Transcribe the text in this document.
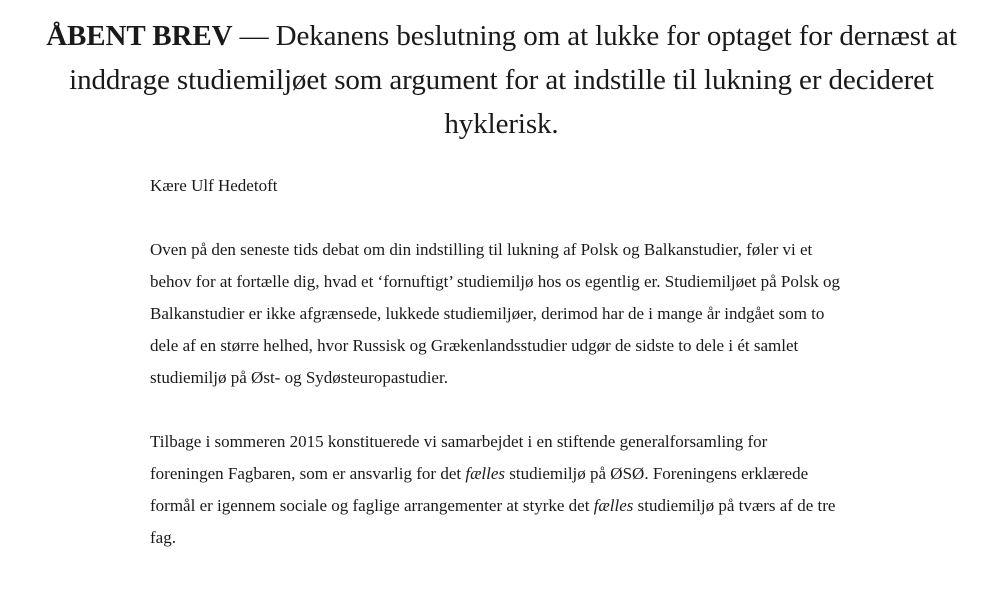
ÅBENT BREV — Dekanens beslutning om at lukke for optaget for dernæst at inddrage studiemiljøet som argument for at indstille til lukning er decideret hyklerisk.

Kære Ulf Hedetoft

Oven på den seneste tids debat om din indstilling til lukning af Polsk og Balkanstudier, føler vi et behov for at fortælle dig, hvad et ‘fornuftigt’ studiemiljø hos os egentlig er. Studiemiljøet på Polsk og Balkanstudier er ikke afgrænsede, lukkede studiemiljøer, derimod har de i mange år indgået som to dele af en større helhed, hvor Russisk og Grækenlandsstudier udgør de sidste to dele i ét samlet studiemiljø på Øst- og Sydøsteuropastudier.

Tilbage i sommeren 2015 konstituerede vi samarbejdet i en stiftende generalforsamling for foreningen Fagbaren, som er ansvarlig for det fælles studiemiljø på ØSØ. Foreningens erklærede formål er igennem sociale og faglige arrangementer at styrke det fælles studiemiljø på tværs af de tre fag.
